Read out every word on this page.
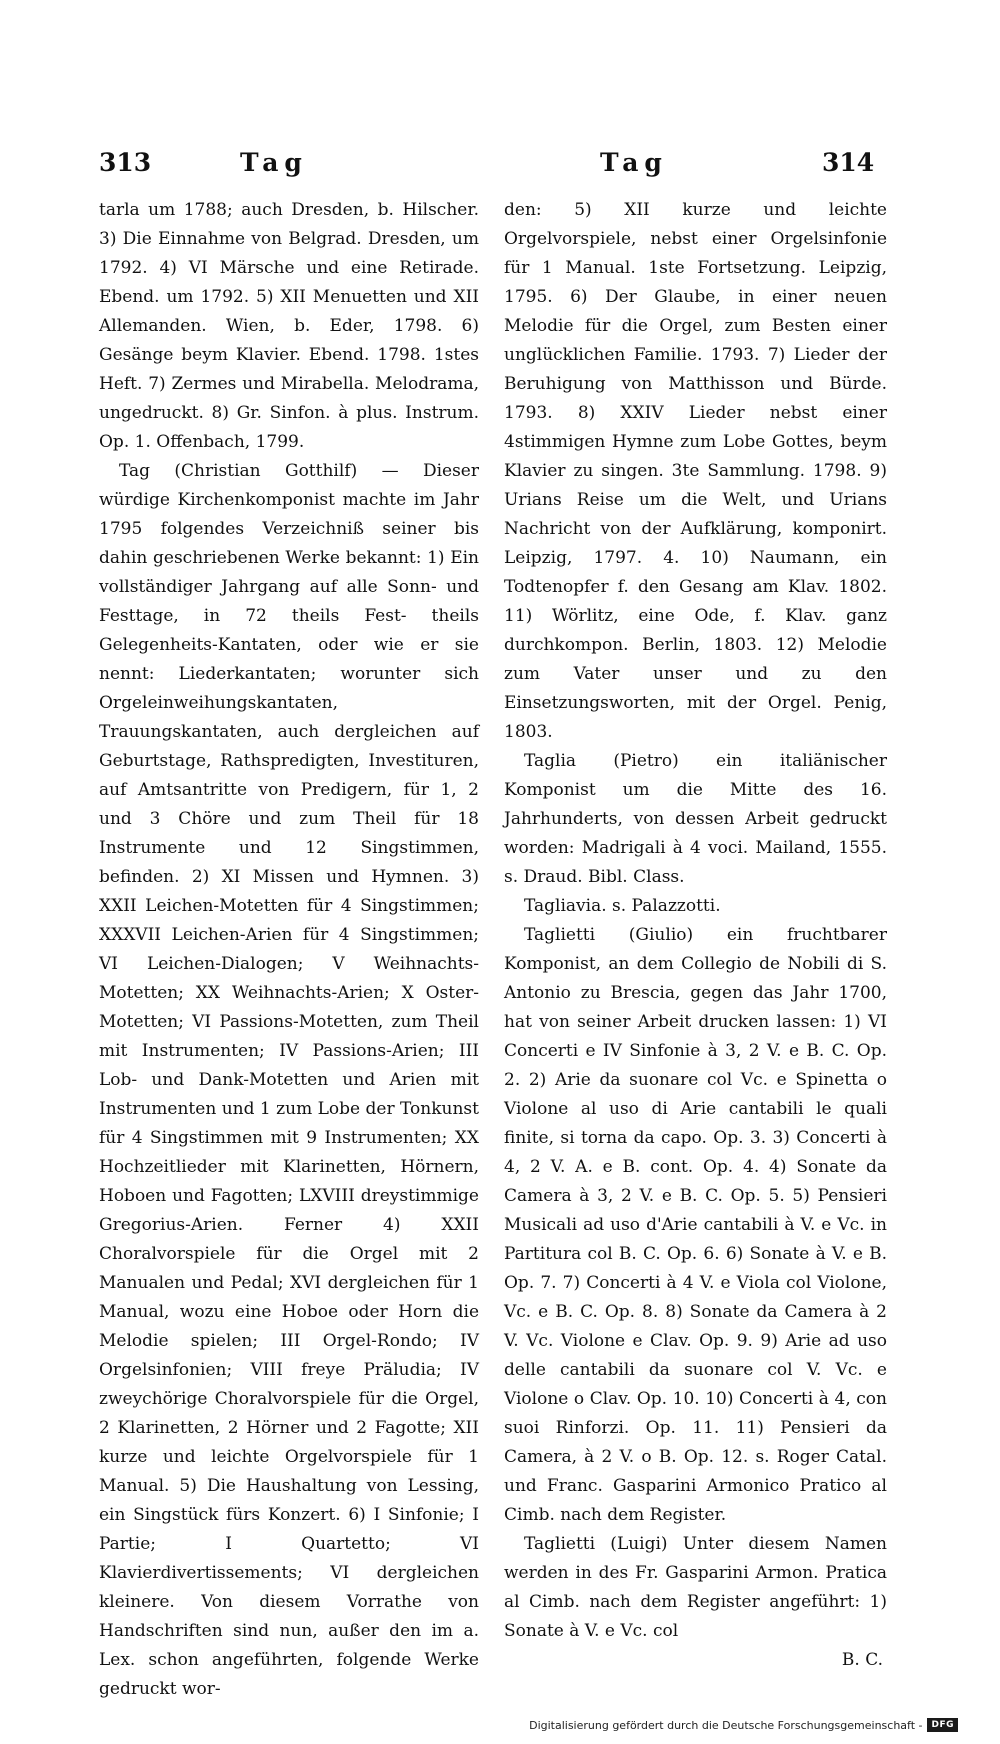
313	Tag	Tag	314

tarla um 1788; auch Dresden, b. Hilscher. 3) Die Einnahme von Belgrad. Dresden, um 1792. 4) VI Märsche und eine Retirade. Ebend. um 1792. 5) XII Menuetten und XII Allemanden. Wien, b. Eder, 1798. 6) Gesänge beym Klavier. Ebend. 1798. 1stes Heft. 7) Zermes und Mirabella. Melodrama, ungedruckt. 8) Gr. Sinfon. à plus. Instrum. Op. 1. Offenbach, 1799.

Tag (Christian Gotthilf) — Dieser würdige Kirchenkomponist machte im Jahr 1795 folgendes Verzeichniß seiner bis dahin geschriebenen Werke bekannt: 1) Ein vollständiger Jahrgang auf alle Sonn- und Festtage, in 72 theils Fest- theils Gelegenheits-Kantaten, oder wie er sie nennt: Liederkantaten; worunter sich Orgeleinweihungskantaten, Trauungskantaten, auch dergleichen auf Geburtstage, Rathspredigten, Investituren, auf Amtsantritte von Predigern, für 1, 2 und 3 Chöre und zum Theil für 18 Instrumente und 12 Singstimmen, befinden. 2) XI Missen und Hymnen. 3) XXII Leichen-Motetten für 4 Singstimmen; XXXVII Leichen-Arien für 4 Singstimmen; VI Leichen-Dialogen; V Weihnachts-Motetten; XX Weihnachts-Arien; X Oster-Motetten; VI Passions-Motetten, zum Theil mit Instrumenten; IV Passions-Arien; III Lob- und Dank-Motetten und Arien mit Instrumenten und 1 zum Lobe der Tonkunst für 4 Singstimmen mit 9 Instrumenten; XX Hochzeitlieder mit Klarinetten, Hörnern, Hoboen und Fagotten; LXVIII dreystimmige Gregorius-Arien. Ferner 4) XXII Choralvorspiele für die Orgel mit 2 Manualen und Pedal; XVI dergleichen für 1 Manual, wozu eine Hoboe oder Horn die Melodie spielen; III Orgel-Rondo; IV Orgelsinfonien; VIII freye Präludia; IV zweychörige Choralvorspiele für die Orgel, 2 Klarinetten, 2 Hörner und 2 Fagotte; XII kurze und leichte Orgelvorspiele für 1 Manual. 5) Die Haushaltung von Lessing, ein Singstück fürs Konzert. 6) I Sinfonie; I Partie; I Quartetto; VI Klavierdivertissements; VI dergleichen kleinere. Von diesem Vorrathe von Handschriften sind nun, außer den im a. Lex. schon angeführten, folgende Werke gedruckt wor-

den: 5) XII kurze und leichte Orgelvorspiele, nebst einer Orgelsinfonie für 1 Manual. 1ste Fortsetzung. Leipzig, 1795. 6) Der Glaube, in einer neuen Melodie für die Orgel, zum Besten einer unglücklichen Familie. 1793. 7) Lieder der Beruhigung von Matthisson und Bürde. 1793. 8) XXIV Lieder nebst einer 4stimmigen Hymne zum Lobe Gottes, beym Klavier zu singen. 3te Sammlung. 1798. 9) Urians Reise um die Welt, und Urians Nachricht von der Aufklärung, komponirt. Leipzig, 1797. 4. 10) Naumann, ein Todtenopfer f. den Gesang am Klav. 1802. 11) Wörlitz, eine Ode, f. Klav. ganz durchkompon. Berlin, 1803. 12) Melodie zum Vater unser und zu den Einsetzungsworten, mit der Orgel. Penig, 1803.

Taglia (Pietro) ein italiänischer Komponist um die Mitte des 16. Jahrhunderts, von dessen Arbeit gedruckt worden: Madrigali à 4 voci. Mailand, 1555. s. Draud. Bibl. Class.

Tagliavia. s. Palazzotti.

Taglietti (Giulio) ein fruchtbarer Komponist, an dem Collegio de Nobili di S. Antonio zu Brescia, gegen das Jahr 1700, hat von seiner Arbeit drucken lassen: 1) VI Concerti e IV Sinfonie à 3, 2 V. e B. C. Op. 2. 2) Arie da suonare col Vc. e Spinetta o Violone al uso di Arie cantabili le quali finite, si torna da capo. Op. 3. 3) Concerti à 4, 2 V. A. e B. cont. Op. 4. 4) Sonate da Camera à 3, 2 V. e B. C. Op. 5. 5) Pensieri Musicali ad uso d'Arie cantabili à V. e Vc. in Partitura col B. C. Op. 6. 6) Sonate à V. e B. Op. 7. 7) Concerti à 4 V. e Viola col Violone, Vc. e B. C. Op. 8. 8) Sonate da Camera à 2 V. Vc. Violone e Clav. Op. 9. 9) Arie ad uso delle cantabili da suonare col V. Vc. e Violone o Clav. Op. 10. 10) Concerti à 4, con suoi Rinforzi. Op. 11. 11) Pensieri da Camera, à 2 V. o B. Op. 12. s. Roger Catal. und Franc. Gasparini Armonico Pratico al Cimb. nach dem Register.

Taglietti (Luigi) Unter diesem Namen werden in des Fr. Gasparini Armon. Pratica al Cimb. nach dem Register angeführt: 1) Sonate à V. e Vc. col

B. C.

Digitalisierung gefördert durch die Deutsche Forschungsgemeinschaft -	DFG
